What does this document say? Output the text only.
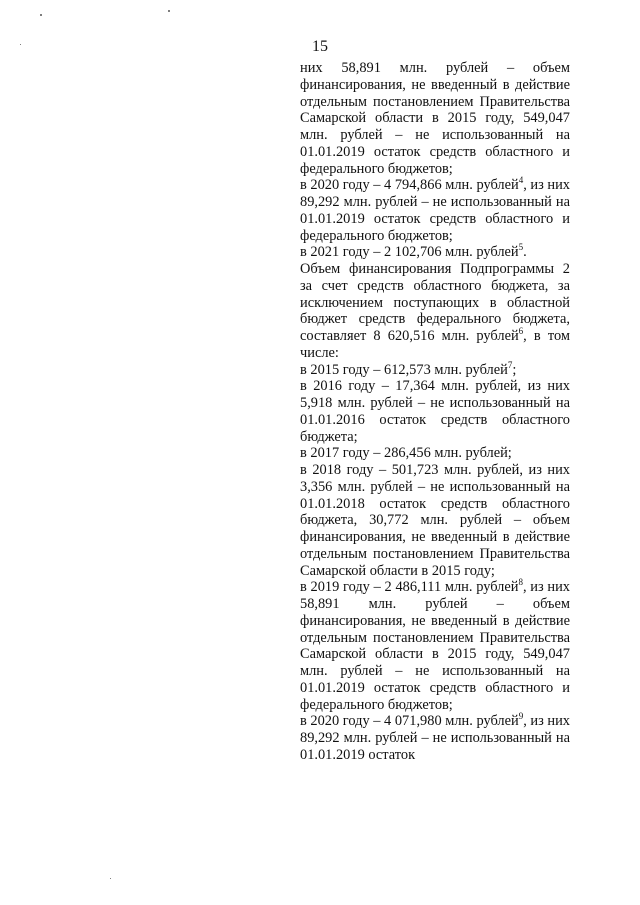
15

них 58,891 млн. рублей – объем финансирования, не введенный в действие отдельным постановлением Правительства Самарской области в 2015 году, 549,047 млн. рублей – не использованный на 01.01.2019 остаток средств областного и федерального бюджетов;

в 2020 году – 4 794,866 млн. рублей$^4$, из них 89,292 млн. рублей – не использованный на 01.01.2019 остаток средств областного и федерального бюджетов;

в 2021 году – 2 102,706 млн. рублей$^5$.

Объем финансирования Подпрограммы 2 за счет средств областного бюджета, за исключением поступающих в областной бюджет средств федерального бюджета, составляет 8 620,516 млн. рублей$^6$, в том числе:

в 2015 году – 612,573 млн. рублей$^7$;

в 2016 году – 17,364 млн. рублей, из них 5,918 млн. рублей – не использованный на 01.01.2016 остаток средств областного бюджета;

в 2017 году – 286,456 млн. рублей;

в 2018 году – 501,723 млн. рублей, из них 3,356 млн. рублей – не использованный на 01.01.2018 остаток средств областного бюджета, 30,772 млн. рублей – объем финансирования, не введенный в действие отдельным постановлением Правительства Самарской области в 2015 году;

в 2019 году – 2 486,111 млн. рублей$^8$, из них 58,891 млн. рублей – объем финансирования, не введенный в действие отдельным постановлением Правительства Самарской области в 2015 году, 549,047 млн. рублей – не использованный на 01.01.2019 остаток средств областного и федерального бюджетов;

в 2020 году – 4 071,980 млн. рублей$^9$, из них 89,292 млн. рублей – не использованный на 01.01.2019 остаток
